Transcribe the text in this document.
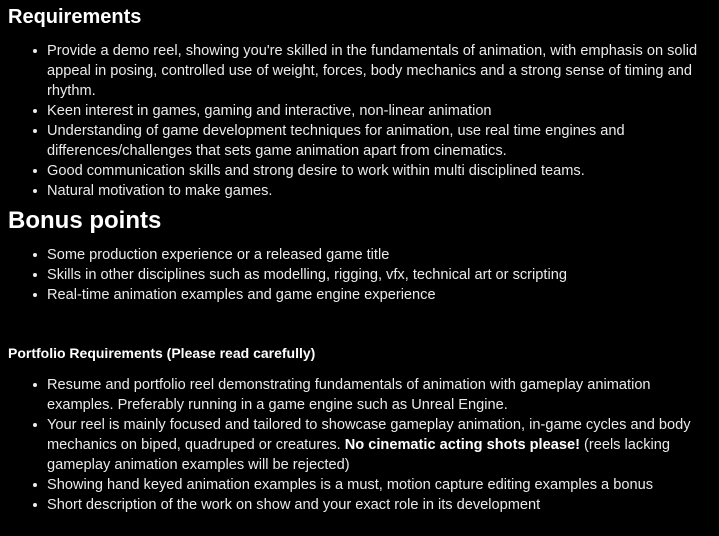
Requirements
Provide a demo reel, showing you're skilled in the fundamentals of animation, with emphasis on solid appeal in posing, controlled use of weight, forces, body mechanics and a strong sense of timing and rhythm.
Keen interest in games, gaming and interactive, non-linear animation
Understanding of game development techniques for animation, use real time engines and differences/challenges that sets game animation apart from cinematics.
Good communication skills and strong desire to work within multi disciplined teams.
Natural motivation to make games.
Bonus points
Some production experience or a released game title
Skills in other disciplines such as modelling, rigging, vfx, technical art or scripting
Real-time animation examples and game engine experience
Portfolio Requirements (Please read carefully)
Resume and portfolio reel demonstrating fundamentals of animation with gameplay animation examples. Preferably running in a game engine such as Unreal Engine.
Your reel is mainly focused and tailored to showcase gameplay animation, in-game cycles and body mechanics on biped, quadruped or creatures. No cinematic acting shots please! (reels lacking gameplay animation examples will be rejected)
Showing hand keyed animation examples is a must, motion capture editing examples a bonus
Short description of the work on show and your exact role in its development
